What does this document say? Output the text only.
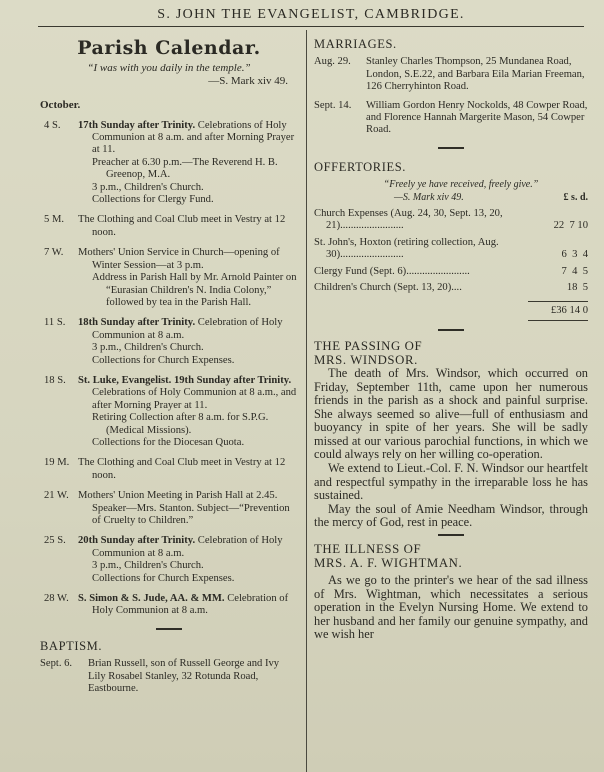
S. JOHN THE EVANGELIST, CAMBRIDGE.
Parish Calendar.
“I was with you daily in the temple.”
—S. Mark xiv 49.
October.
4 S.	17th Sunday after Trinity. Celebrations of Holy Communion at 8 a.m. and after Morning Prayer at 11.
Preacher at 6.30 p.m.—The Reverend H. B. Greenop, M.A.
3 p.m., Children's Church.
Collections for Clergy Fund.
5 M.	The Clothing and Coal Club meet in Vestry at 12 noon.
7 W.	Mothers' Union Service in Church—opening of Winter Session—at 3 p.m.
Address in Parish Hall by Mr. Arnold Painter on “Eurasian Children's N. India Colony,” followed by tea in the Parish Hall.
11 S.	18th Sunday after Trinity. Celebration of Holy Communion at 8 a.m.
3 p.m., Children's Church.
Collections for Church Expenses.
18 S.	St. Luke, Evangelist. 19th Sunday after Trinity. Celebrations of Holy Communion at 8 a.m., and after Morning Prayer at 11.
Retiring Collection after 8 a.m. for S.P.G. (Medical Missions).
Collections for the Diocesan Quota.
19 M. The Clothing and Coal Club meet in Vestry at 12 noon.
21 W. Mothers' Union Meeting in Parish Hall at 2.45. Speaker—Mrs. Stanton. Subject—“Prevention of Cruelty to Children.”
25 S.	20th Sunday after Trinity. Celebration of Holy Communion at 8 a.m.
3 p.m., Children's Church.
Collections for Church Expenses.
28 W. S. Simon & S. Jude, AA. & MM. Celebration of Holy Communion at 8 a.m.
BAPTISM.
Sept. 6. Brian Russell, son of Russell George and Ivy Lily Rosabel Stanley, 32 Rotunda Road, Eastbourne.
MARRIAGES.
Aug. 29. Stanley Charles Thompson, 25 Mundanea Road, London, S.E.22, and Barbara Eila Marian Freeman, 126 Cherryhinton Road.
Sept. 14. William Gordon Henry Nockolds, 48 Cowper Road, and Florence Hannah Margerite Mason, 54 Cowper Road.
OFFERTORIES.
“Freely ye have received, freely give.”
—S. Mark xiv 49.	£ s. d.
Church Expenses (Aug. 24, 30, Sept. 13, 20, 21)........................	22  7 10
St. John's, Hoxton (retiring collection, Aug. 30)........................	6  3  4
Clergy Fund (Sept. 6)........................	7  4  5
Children's Church (Sept. 13, 20)....	18  5
£36 14 0
THE PASSING OF
MRS. WINDSOR.

The death of Mrs. Windsor, which occurred on Friday, September 11th, came upon her numerous friends in the parish as a shock and painful surprise. She always seemed so alive—full of enthusiasm and buoyancy in spite of her years. She will be sadly missed at our various parochial functions, in which we could always rely on her willing co-operation.

We extend to Lieut.-Col. F. N. Windsor our heartfelt and respectful sympathy in the irreparable loss he has sustained.

May the soul of Amie Needham Windsor, through the mercy of God, rest in peace.

THE ILLNESS OF
MRS. A. F. WIGHTMAN.

As we go to the printer's we hear of the sad illness of Mrs. Wightman, which necessitates a serious operation in the Evelyn Nursing Home. We extend to her husband and her family our genuine sympathy, and we wish her
